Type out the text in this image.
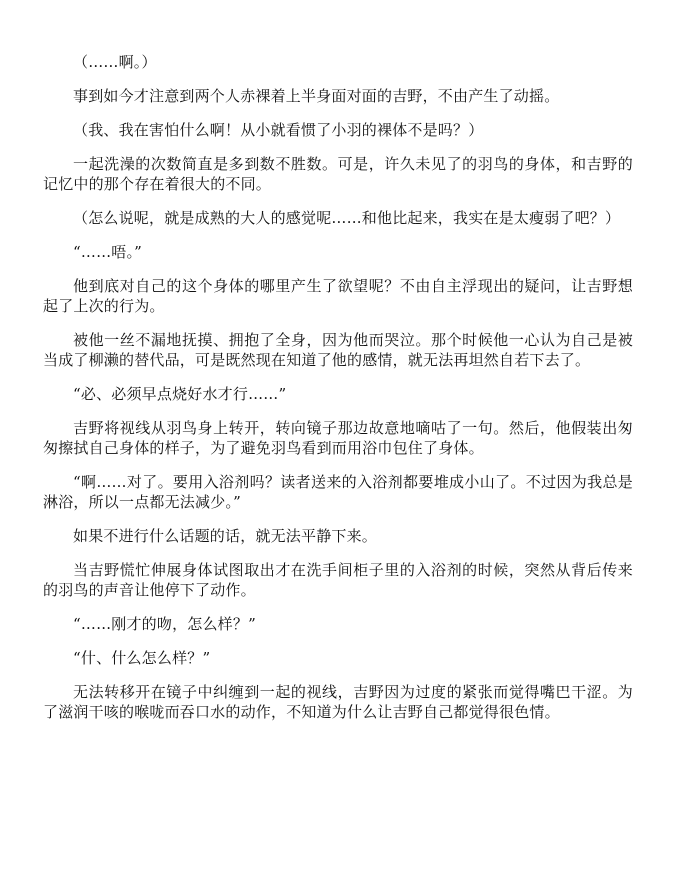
（……啊。）

事到如今才注意到两个人赤裸着上半身面对面的吉野，不由产生了动摇。

（我、我在害怕什么啊！从小就看惯了小羽的裸体不是吗？）

一起洗澡的次数简直是多到数不胜数。可是，许久未见了的羽鸟的身体，和吉野的记忆中的那个存在着很大的不同。

（怎么说呢，就是成熟的大人的感觉呢……和他比起来，我实在是太瘦弱了吧？）

“……唔。”

他到底对自己的这个身体的哪里产生了欲望呢？不由自主浮现出的疑问，让吉野想起了上次的行为。

被他一丝不漏地抚摸、拥抱了全身，因为他而哭泣。那个时候他一心认为自己是被当成了柳濑的替代品，可是既然现在知道了他的感情，就无法再坦然自若下去了。

“必、必须早点烧好水才行……”

吉野将视线从羽鸟身上转开，转向镜子那边故意地嘀咕了一句。然后，他假装出匆匆擦拭自己身体的样子，为了避免羽鸟看到而用浴巾包住了身体。

“啊……对了。要用入浴剂吗？读者送来的入浴剂都要堆成小山了。不过因为我总是淋浴，所以一点都无法减少。”

如果不进行什么话题的话，就无法平静下来。

当吉野慌忙伸展身体试图取出才在洗手间柜子里的入浴剂的时候，突然从背后传来的羽鸟的声音让他停下了动作。

“……刚才的吻，怎么样？”

“什、什么怎么样？”

无法转移开在镜子中纠缠到一起的视线，吉野因为过度的紧张而觉得嘴巴干涩。为了滋润干咳的喉咙而吞口水的动作，不知道为什么让吉野自己都觉得很色情。
